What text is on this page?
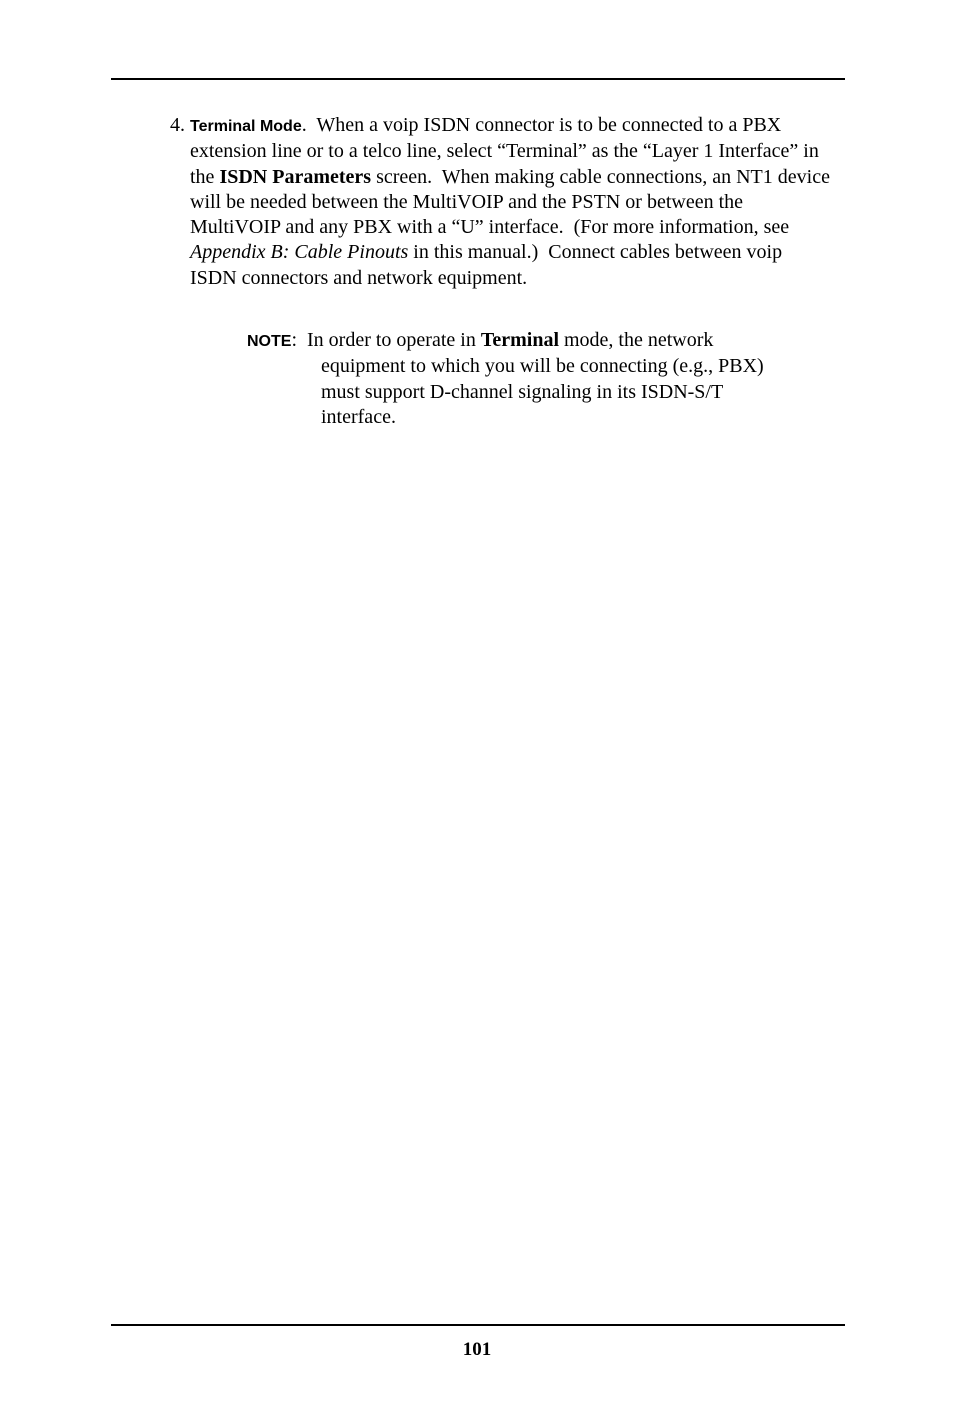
4. Terminal Mode.  When a voip ISDN connector is to be connected to a PBX extension line or to a telco line, select “Terminal” as the “Layer 1 Interface” in the ISDN Parameters screen.  When making cable connections, an NT1 device will be needed between the MultiVOIP and the PSTN or between the MultiVOIP and any PBX with a “U” interface.  (For more information, see Appendix B: Cable Pinouts in this manual.)  Connect cables between voip ISDN connectors and network equipment.
NOTE:  In order to operate in Terminal mode, the network equipment to which you will be connecting (e.g., PBX) must support D-channel signaling in its ISDN-S/T interface.
101
